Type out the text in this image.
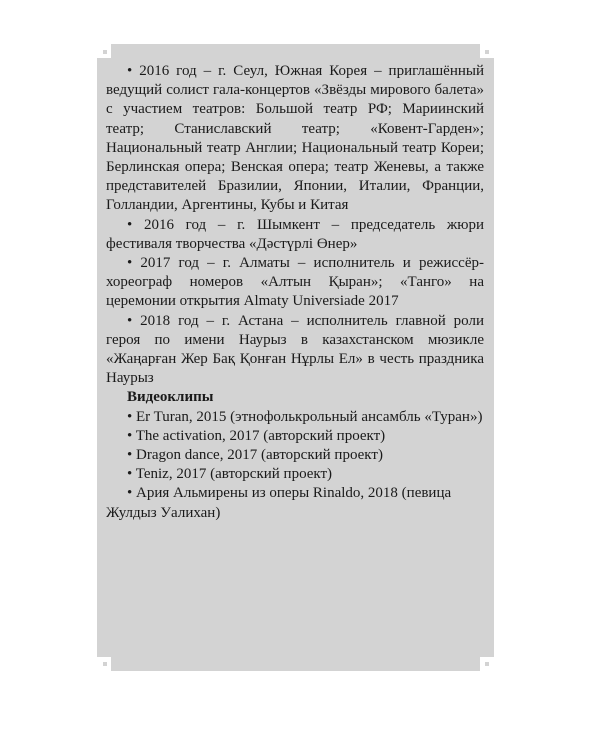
• 2016 год – г. Сеул, Южная Корея – приглашённый ведущий солист гала-концертов «Звёзды мирового балета» с участием театров: Большой театр РФ; Мариинский театр; Станиславский театр; «Ковент-Гарден»; Национальный театр Англии; Национальный театр Кореи; Берлинская опера; Венская опера; театр Женевы, а также представителей Бразилии, Японии, Италии, Франции, Голландии, Аргентины, Кубы и Китая

• 2016 год – г. Шымкент – председатель жюри фестиваля творчества «Дәстүрлі Өнер»

• 2017 год – г. Алматы – исполнитель и режиссёр-хореограф номеров «Алтын Қыран»; «Танго» на церемонии открытия Almaty Universiade 2017

• 2018 год – г. Астана – исполнитель главной роли героя по имени Наурыз в казахстанском мюзикле «Жаңарған Жер Бақ Қонған Нұрлы Ел» в честь праздника Наурыз

Видеоклипы

• Er Turan, 2015 (этнофолькрольный ансамбль «Туран»)

• The activation, 2017 (авторский проект)

• Dragon dance, 2017 (авторский проект)

• Teniz, 2017 (авторский проект)

• Ария Альмирены из оперы Rinaldo, 2018 (певица Жулдыз Уалихан)
